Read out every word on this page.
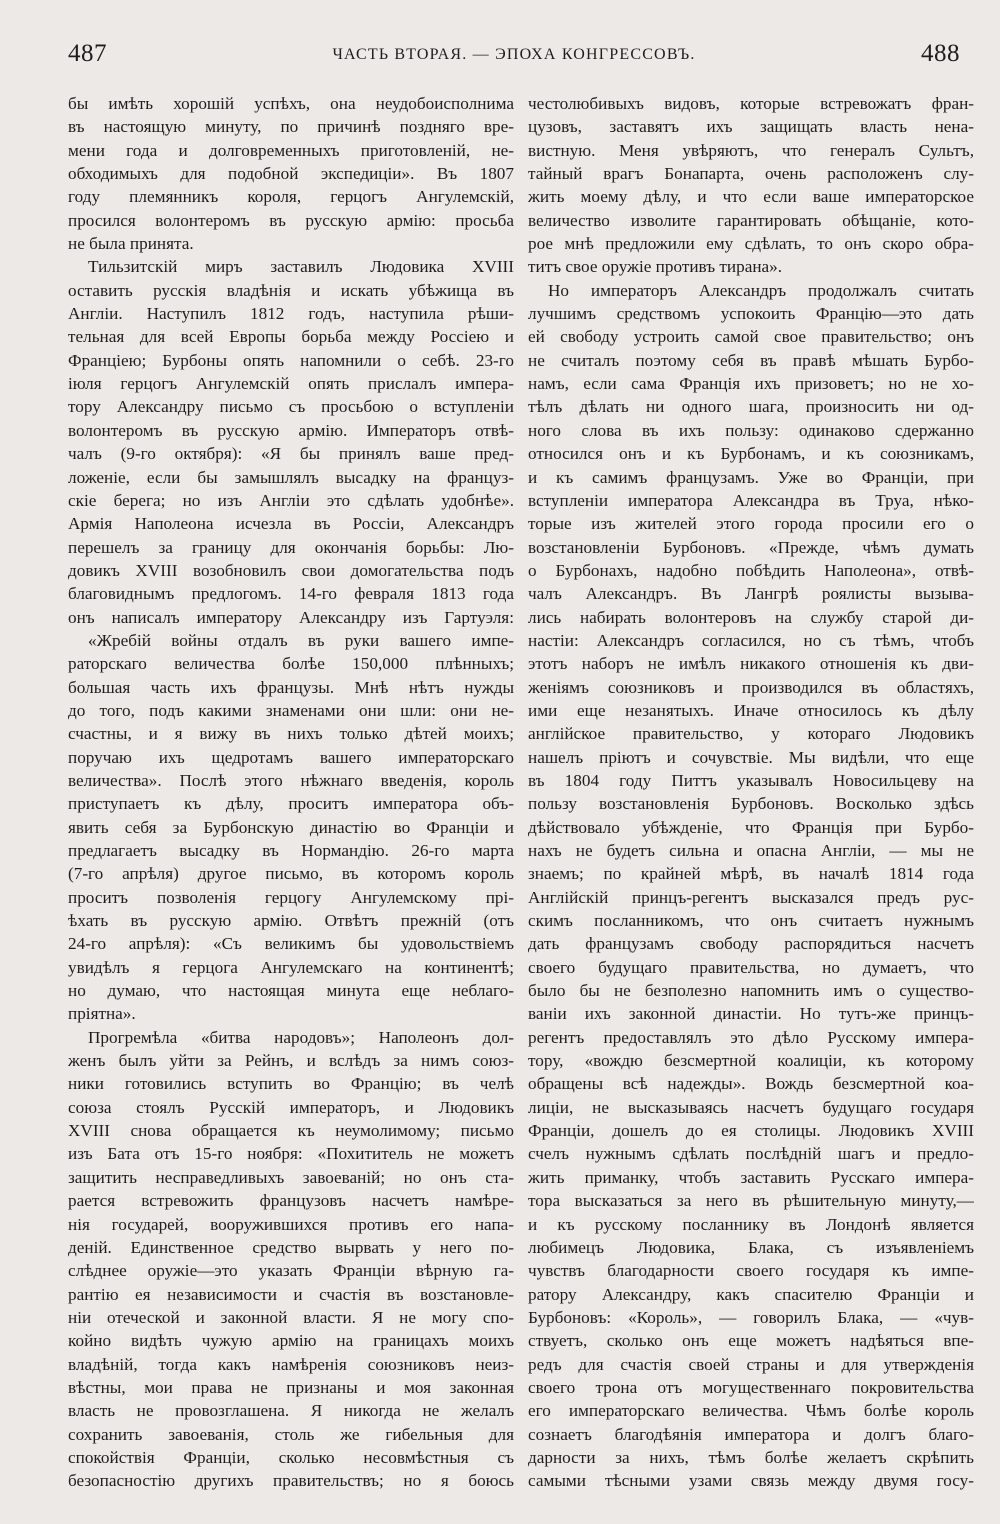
487	ЧАСТЬ ВТОРАЯ. — ЭПОХА КОНГРЕССОВЪ.	488
бы имѣть хорошій успѣхъ, она неудобоисполнима
въ настоящую минуту, по причинѣ поздняго вре-
мени года и долговременныхъ приготовленій, не-
обходимыхъ для подобной экспедиціи». Въ 1807
году племянникъ короля, герцогъ Ангулемскій,
просился волонтеромъ въ русскую армію: просьба
не была принята.
Тильзитскій миръ заставилъ Людовика XVIII
оставить русскія владѣнія и искать убѣжища въ
Англіи. Наступилъ 1812 годъ, наступила рѣши-
тельная для всей Европы борьба между Россіею и
Франціею; Бурбоны опять напомнили о себѣ. 23-го
іюля герцогъ Ангулемскій опять прислалъ импера-
тору Александру письмо съ просьбою о вступленіи
волонтеромъ въ русскую армію. Императоръ отвѣ-
чалъ (9-го октября): «Я бы принялъ ваше пред-
ложеніе, если бы замышлялъ высадку на француз-
скіе берега; но изъ Англіи это сдѣлать удобнѣе».
Армія Наполеона исчезла въ Россіи, Александръ
перешелъ за границу для окончанія борьбы: Лю-
довикъ XVIII возобновилъ свои домогательства подъ
благовиднымъ предлогомъ. 14-го февраля 1813 года
онъ написалъ императору Александру изъ Гартуэля:
«Жребій войны отдалъ въ руки вашего импе-
раторскаго величества болѣе 150,000 плѣнныхъ;
большая часть ихъ французы. Мнѣ нѣтъ нужды
до того, подъ какими знаменами они шли: они не-
счастны, и я вижу въ нихъ только дѣтей моихъ;
поручаю ихъ щедротамъ вашего императорскаго
величества». Послѣ этого нѣжнаго введенія, король
приступаетъ къ дѣлу, проситъ императора объ-
явить себя за Бурбонскую династію во Франціи и
предлагаетъ высадку въ Нормандію. 26-го марта
(7-го апрѣля) другое письмо, въ которомъ король
проситъ позволенія герцогу Ангулемскому прі-
ѣхать въ русскую армію. Отвѣтъ прежній (отъ
24-го апрѣля): «Съ великимъ бы удовольствіемъ
увидѣлъ я герцога Ангулемскаго на континентѣ;
но думаю, что настоящая минута еще неблаго-
пріятна».
Прогремѣла «битва народовъ»; Наполеонъ дол-
женъ былъ уйти за Рейнъ, и вслѣдъ за нимъ союз-
ники готовились вступить во Францію; въ челѣ
союза стоялъ Русскій императоръ, и Людовикъ
XVIII снова обращается къ неумолимому; письмо
изъ Бата отъ 15-го ноября: «Похититель не можетъ
защитить несправедливыхъ завоеваній; но онъ ста-
рается встревожить французовъ насчетъ намѣре-
нія государей, вооружившихся противъ его напа-
деній. Единственное средство вырвать у него по-
слѣднее оружіе—это указать Франціи вѣрную га-
рантію ея независимости и счастія въ возстановле-
ніи отеческой и законной власти. Я не могу спо-
койно видѣть чужую армію на границахъ моихъ
владѣній, тогда какъ намѣренія союзниковъ неиз-
вѣстны, мои права не признаны и моя законная
власть не провозглашена. Я никогда не желалъ
сохранить завоеванія, столь же гибельныя для
спокойствія Франціи, сколько несовмѣстныя съ
безопасностію другихъ правительствъ; но я боюсь
честолюбивыхъ видовъ, которые встревожатъ фран-
цузовъ, заставятъ ихъ защищать власть нена-
вистную. Меня увѣряютъ, что генералъ Сультъ,
тайный врагъ Бонапарта, очень расположенъ слу-
жить моему дѣлу, и что если ваше императорское
величество изволите гарантировать обѣщаніе, кото-
рое мнѣ предложили ему сдѣлать, то онъ скоро обра-
титъ свое оружіе противъ тирана».
Но императоръ Александръ продолжалъ считать
лучшимъ средствомъ успокоить Францію—это дать
ей свободу устроить самой свое правительство; онъ
не считалъ поэтому себя въ правѣ мѣшать Бурбо-
намъ, если сама Франція ихъ призоветъ; но не хо-
тѣлъ дѣлать ни одного шага, произносить ни од-
ного слова въ ихъ пользу: одинаково сдержанно
относился онъ и къ Бурбонамъ, и къ союзникамъ,
и къ самимъ французамъ. Уже во Франціи, при
вступленіи императора Александра въ Труа, нѣко-
торые изъ жителей этого города просили его о
возстановленіи Бурбоновъ. «Прежде, чѣмъ думать
о Бурбонахъ, надобно побѣдить Наполеона», отвѣ-
чалъ Александръ. Въ Лангрѣ роялисты вызыва-
лись набирать волонтеровъ на службу старой ди-
настіи: Александръ согласился, но съ тѣмъ, чтобъ
этотъ наборъ не имѣлъ никакого отношенія къ дви-
женіямъ союзниковъ и производился въ областяхъ,
ими еще незанятыхъ. Иначе относилось къ дѣлу
англійское правительство, у котораго Людовикъ
нашелъ пріютъ и сочувствіе. Мы видѣли, что еще
въ 1804 году Питтъ указывалъ Новосильцеву на
пользу возстановленія Бурбоновъ. Восколько здѣсь
дѣйствовало убѣжденіе, что Франція при Бурбо-
нахъ не будетъ сильна и опасна Англіи, — мы не
знаемъ; по крайней мѣрѣ, въ началѣ 1814 года
Англійскій принцъ-регентъ высказался предъ рус-
скимъ посланникомъ, что онъ считаетъ нужнымъ
дать французамъ свободу распорядиться насчетъ
своего будущаго правительства, но думаетъ, что
было бы не безполезно напомнить имъ о существо-
ваніи ихъ законной династіи. Но тутъ-же принцъ-
регентъ предоставлялъ это дѣло Русскому импера-
тору, «вождю безсмертной коалиціи, къ которому
обращены всѣ надежды». Вождь безсмертной коа-
лиціи, не высказываясь насчетъ будущаго государя
Франціи, дошелъ до ея столицы. Людовикъ XVIII
счелъ нужнымъ сдѣлать послѣдній шагъ и предло-
жить приманку, чтобъ заставить Русскаго импера-
тора высказаться за него въ рѣшительную минуту,—
и къ русскому посланнику въ Лондонѣ является
любимецъ Людовика, Блака, съ изъявленіемъ
чувствъ благодарности своего государя къ импе-
ратору Александру, какъ спасителю Франціи и
Бурбоновъ: «Король», — говорилъ Блака, — «чув-
ствуетъ, сколько онъ еще можетъ надѣяться впе-
редъ для счастія своей страны и для утвержденія
своего трона отъ могущественнаго покровительства
его императорскаго величества. Чѣмъ болѣе король
сознаетъ благодѣянія императора и долгъ благо-
дарности за нихъ, тѣмъ болѣе желаетъ скрѣпить
самыми тѣсными узами связь между двумя госу-
